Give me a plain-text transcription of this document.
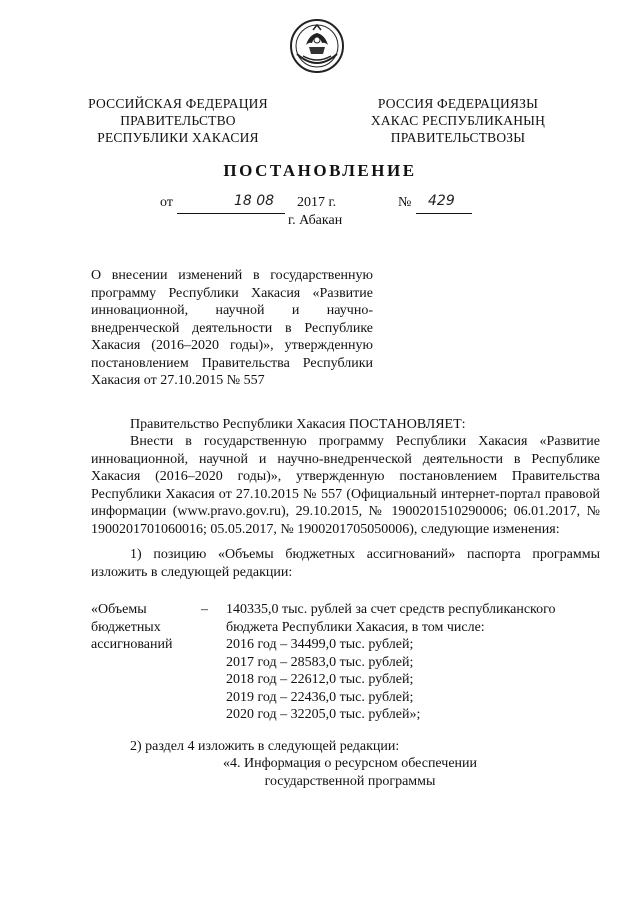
РОССИЙСКАЯ ФЕДЕРАЦИЯ
ПРАВИТЕЛЬСТВО
РЕСПУБЛИКИ ХАКАСИЯ
РОССИЯ ФЕДЕРАЦИЯЗЫ
ХАКАС РЕСПУБЛИКАНЫҢ
ПРАВИТЕЛЬСТВОЗЫ
ПОСТАНОВЛЕНИЕ
от	18 08 2017 г.	№ 429
г. Абакан
О внесении изменений в государственную программу Республики Хакасия «Развитие инновационной, научной и научно-внедренческой деятельности в Республике Хакасия (2016–2020 годы)», утвержденную постановлением Правительства Республики Хакасия от 27.10.2015 № 557
Правительство Республики Хакасия ПОСТАНОВЛЯЕТ:
Внести в государственную программу Республики Хакасия «Развитие инновационной, научной и научно-внедренческой деятельности в Республике Хакасия (2016–2020 годы)», утвержденную постановлением Правительства Республики Хакасия от 27.10.2015 № 557 (Официальный интернет-портал правовой информации (www.pravo.gov.ru), 29.10.2015, № 1900201510290006; 06.01.2017, № 1900201701060016; 05.05.2017, № 1900201705050006), следующие изменения:
1) позицию «Объемы бюджетных ассигнований» паспорта программы изложить в следующей редакции:
«Объемы
бюджетных
ассигнований
– 140335,0 тыс. рублей за счет средств республиканского
бюджета Республики Хакасия, в том числе:
2016 год – 34499,0 тыс. рублей;
2017 год – 28583,0 тыс. рублей;
2018 год – 22612,0 тыс. рублей;
2019 год – 22436,0 тыс. рублей;
2020 год – 32205,0 тыс. рублей»;
2) раздел 4 изложить в следующей редакции:
«4. Информация о ресурсном обеспечении
государственной программы
